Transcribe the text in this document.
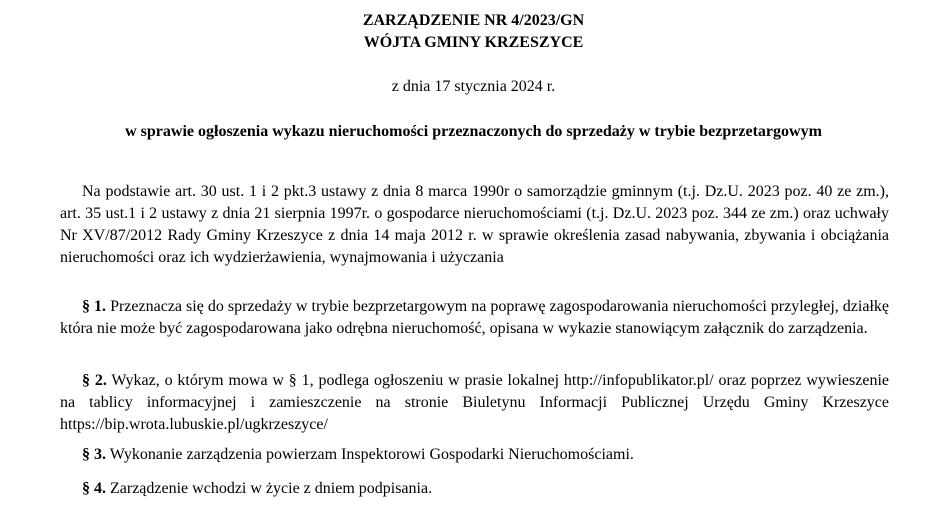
ZARZĄDZENIE NR 4/2023/GN
WÓJTA GMINY KRZESZYCE
z dnia 17 stycznia 2024 r.
w sprawie ogłoszenia wykazu nieruchomości przeznaczonych do sprzedaży w trybie bezprzetargowym
Na podstawie art. 30 ust. 1 i 2 pkt.3 ustawy z dnia 8 marca 1990r o samorządzie gminnym (t.j. Dz.U. 2023 poz. 40 ze zm.), art. 35 ust.1 i 2 ustawy z dnia 21 sierpnia 1997r. o gospodarce nieruchomościami (t.j. Dz.U. 2023 poz. 344 ze zm.) oraz uchwały Nr XV/87/2012 Rady Gminy Krzeszyce z dnia 14 maja 2012 r. w sprawie określenia zasad nabywania, zbywania i obciążania nieruchomości oraz ich wydzierżawienia, wynajmowania i użyczania
§ 1. Przeznacza się do sprzedaży w trybie bezprzetargowym na poprawę zagospodarowania nieruchomości przyległej, działkę która nie może być zagospodarowana jako odrębna nieruchomość, opisana w wykazie stanowiącym załącznik do zarządzenia.
§ 2. Wykaz, o którym mowa w § 1, podlega ogłoszeniu w prasie lokalnej http://infopublikator.pl/ oraz poprzez wywieszenie na tablicy informacyjnej i zamieszczenie na stronie Biuletynu Informacji Publicznej Urzędu Gminy Krzeszyce https://bip.wrota.lubuskie.pl/ugkrzeszyce/
§ 3. Wykonanie zarządzenia powierzam Inspektorowi Gospodarki Nieruchomościami.
§ 4. Zarządzenie wchodzi w życie z dniem podpisania.
